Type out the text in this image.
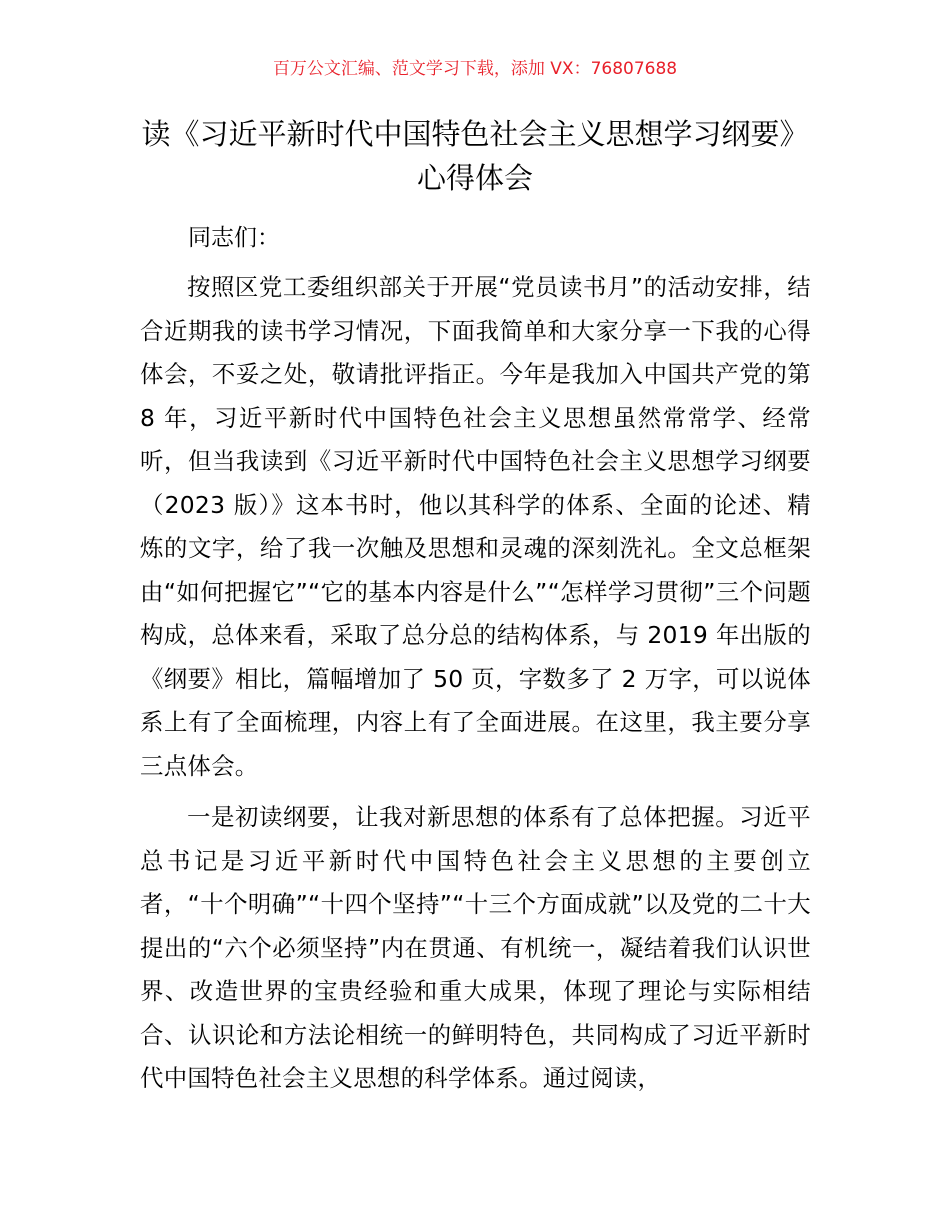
百万公文汇编、范文学习下载，添加 VX：76807688
读《习近平新时代中国特色社会主义思想学习纲要》心得体会
同志们：

按照区党工委组织部关于开展“党员读书月”的活动安排，结合近期我的读书学习情况，下面我简单和大家分享一下我的心得体会，不妥之处，敬请批评指正。今年是我加入中国共产党的第 8 年，习近平新时代中国特色社会主义思想虽然常常学、经常听，但当我读到《习近平新时代中国特色社会主义思想学习纲要（2023 版）》这本书时，他以其科学的体系、全面的论述、精炼的文字，给了我一次触及思想和灵魂的深刻洗礼。全文总框架由“如何把握它”“它的基本内容是什么”“怎样学习贯彻”三个问题构成，总体来看，采取了总分总的结构体系，与 2019 年出版的《纲要》相比，篇幅增加了 50 页，字数多了 2 万字，可以说体系上有了全面梳理，内容上有了全面进展。在这里，我主要分享三点体会。

一是初读纲要，让我对新思想的体系有了总体把握。习近平总书记是习近平新时代中国特色社会主义思想的主要创立者，“十个明确”“十四个坚持”“十三个方面成就”以及党的二十大提出的“六个必须坚持”内在贯通、有机统一，凝结着我们认识世界、改造世界的宝贵经验和重大成果，体现了理论与实际相结合、认识论和方法论相统一的鲜明特色，共同构成了习近平新时代中国特色社会主义思想的科学体系。通过阅读，
